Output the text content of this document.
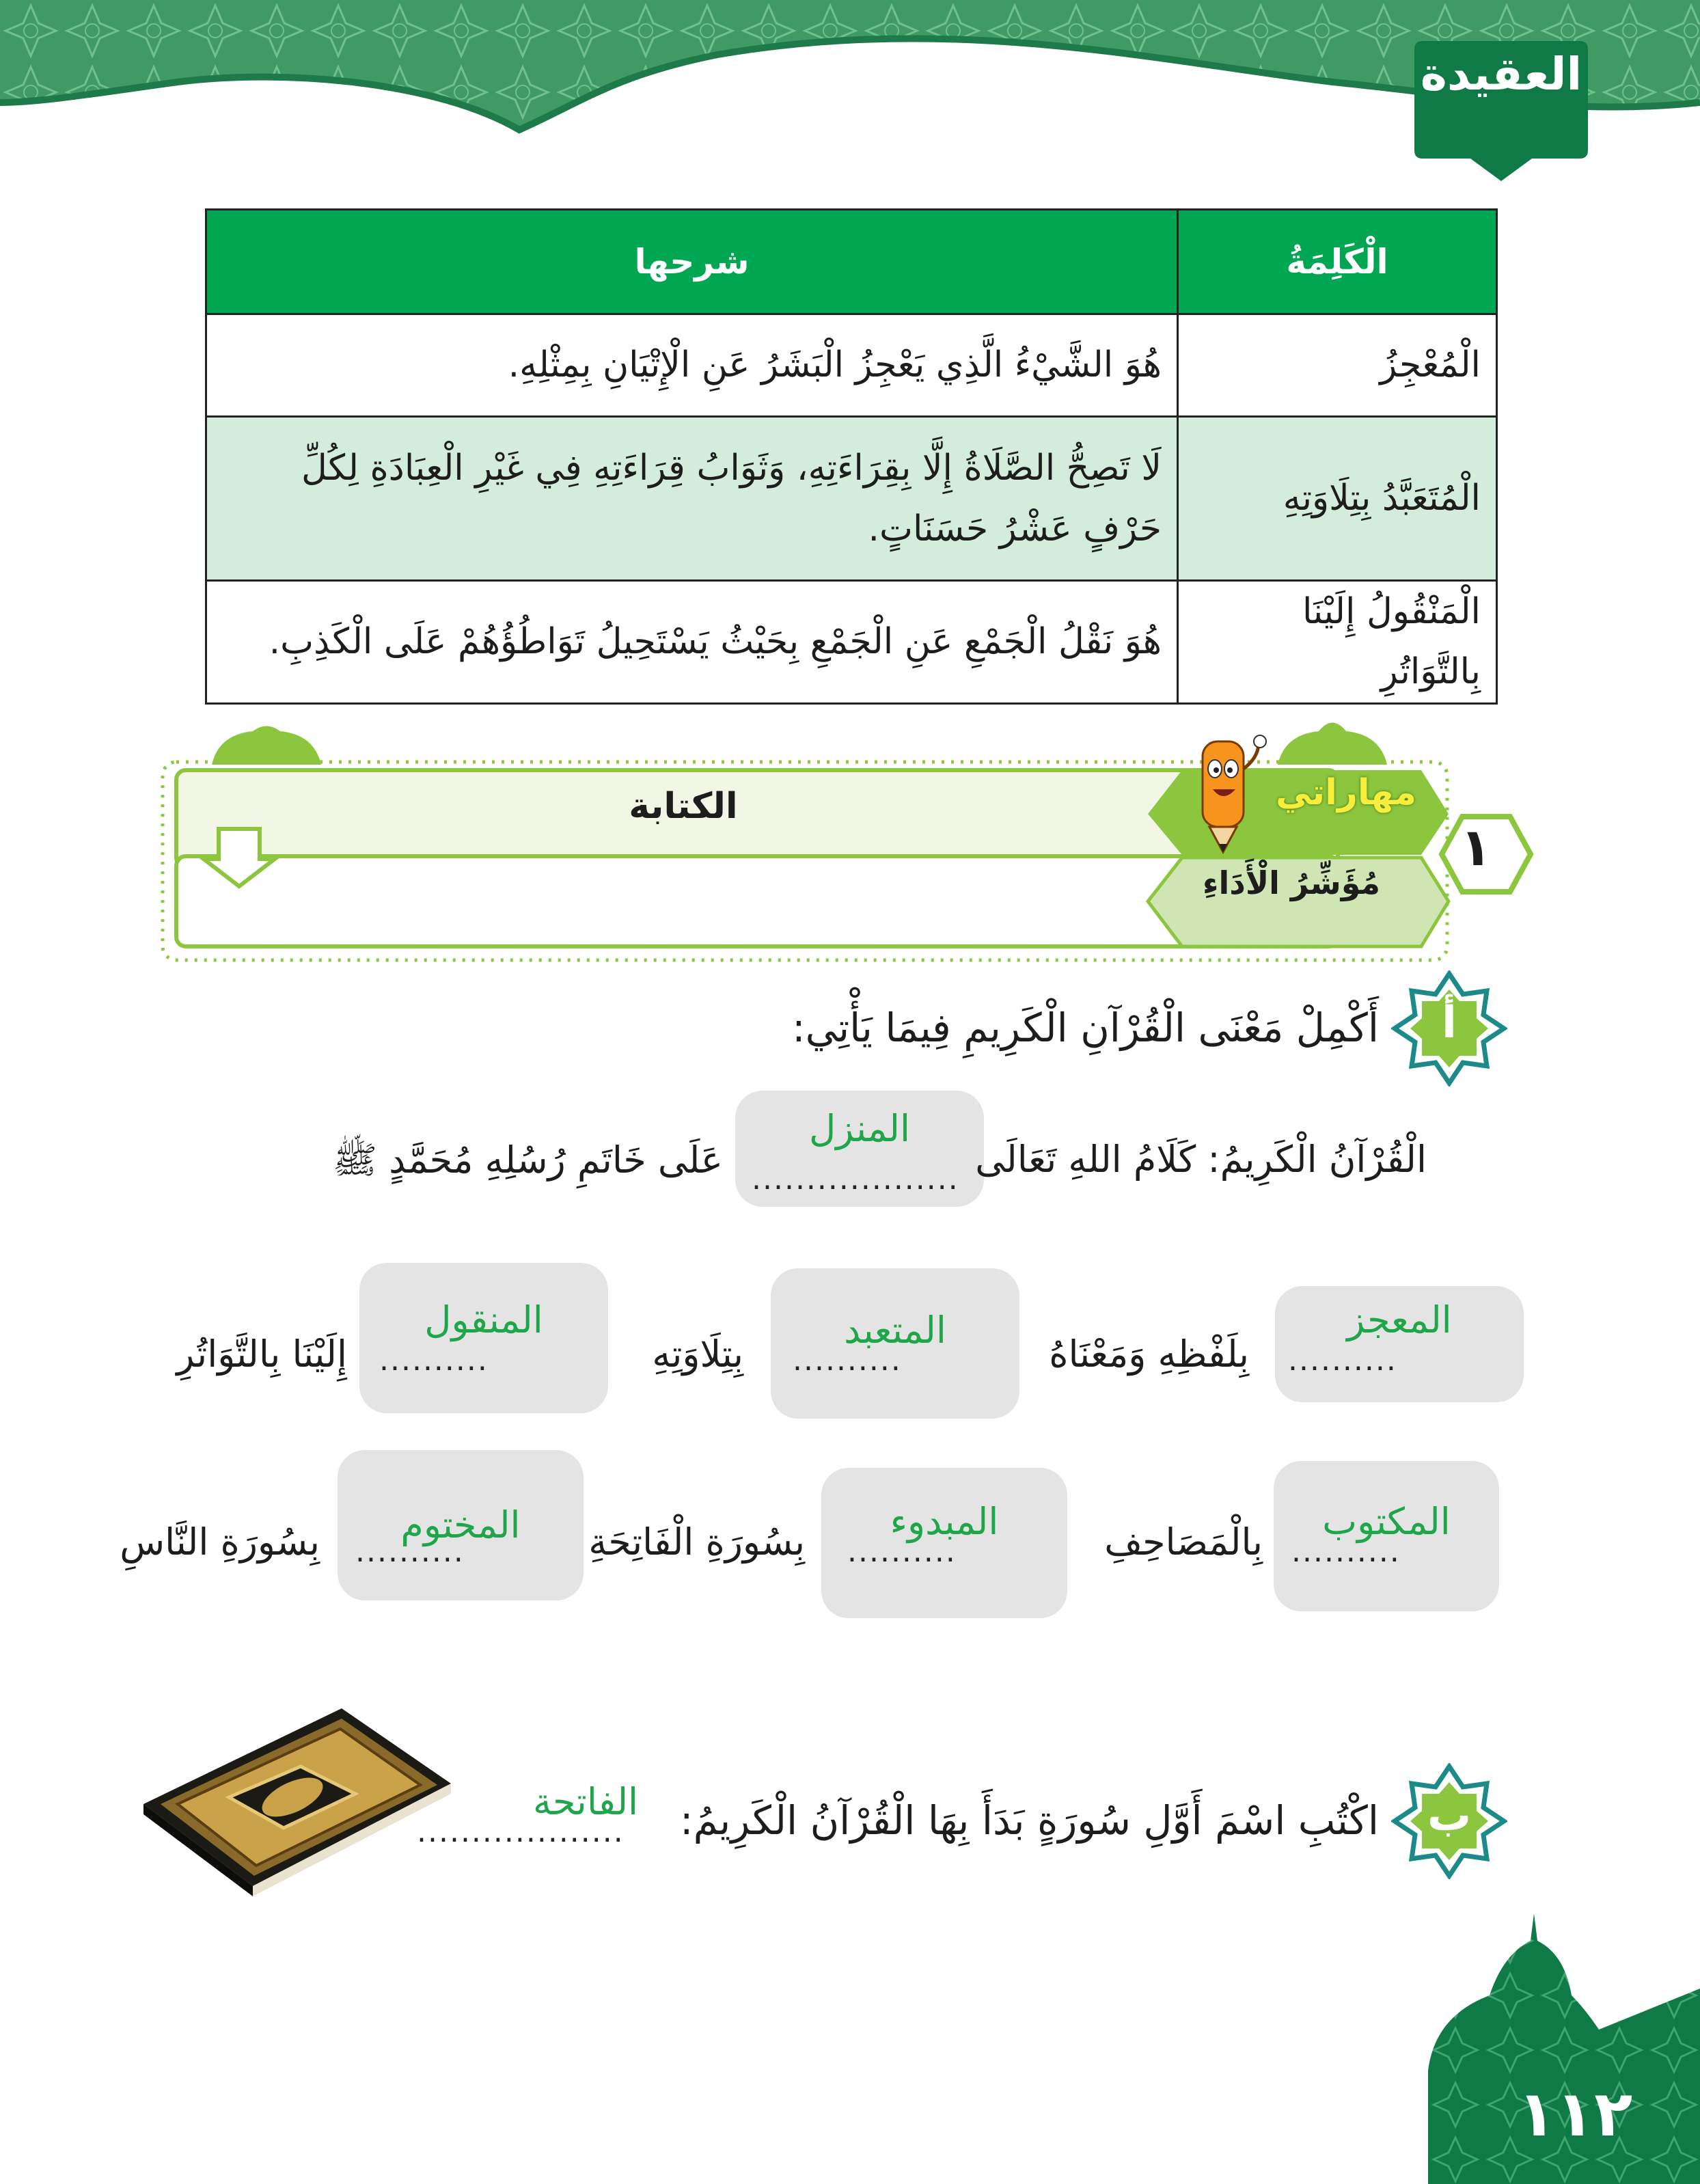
العقيدة
الْكَلِمَةُ	شرحها
الْمُعْجِزُ	هُوَ الشَّيْءُ الَّذِي يَعْجِزُ الْبَشَرُ عَنِ الْإِتْيَانِ بِمِثْلِهِ.
الْمُتَعَبَّدُ بِتِلَاوَتِهِ	لَا تَصِحُّ الصَّلَاةُ إِلَّا بِقِرَاءَتِهِ، وَثَوَابُ قِرَاءَتِهِ فِي غَيْرِ الْعِبَادَةِ لِكُلِّ حَرْفٍ عَشْرُ حَسَنَاتٍ.
الْمَنْقُولُ إِلَيْنَا بِالتَّوَاتُرِ	هُوَ نَقْلُ الْجَمْعِ عَنِ الْجَمْعِ بِحَيْثُ يَسْتَحِيلُ تَوَاطُؤُهُمْ عَلَى الْكَذِبِ.
١
مهاراتي
الكتابة
مُؤَشِّرُ الْأَدَاءِ
أ
أَكْمِلْ مَعْنَى الْقُرْآنِ الْكَرِيمِ فِيمَا يَأْتِي:
المنزل
................... الْقُرْآنُ الْكَرِيمُ: كَلَامُ اللهِ تَعَالَى
عَلَى خَاتَمِ رُسُلِهِ مُحَمَّدٍ ﷺ
المعجز
..........
بِلَفْظِهِ وَمَعْنَاهُ
المتعبد
..........
بِتِلَاوَتِهِ
المنقول
..........
إِلَيْنَا بِالتَّوَاتُرِ
المكتوب
..........
بِالْمَصَاحِفِ
المبدوء
..........
بِسُورَةِ الْفَاتِحَةِ
المختوم
..........
بِسُورَةِ النَّاسِ
ب
اكْتُبِ اسْمَ أَوَّلِ سُورَةٍ بَدَأَ بِهَا الْقُرْآنُ الْكَرِيمُ:
الفاتحة
...................
١١٢
